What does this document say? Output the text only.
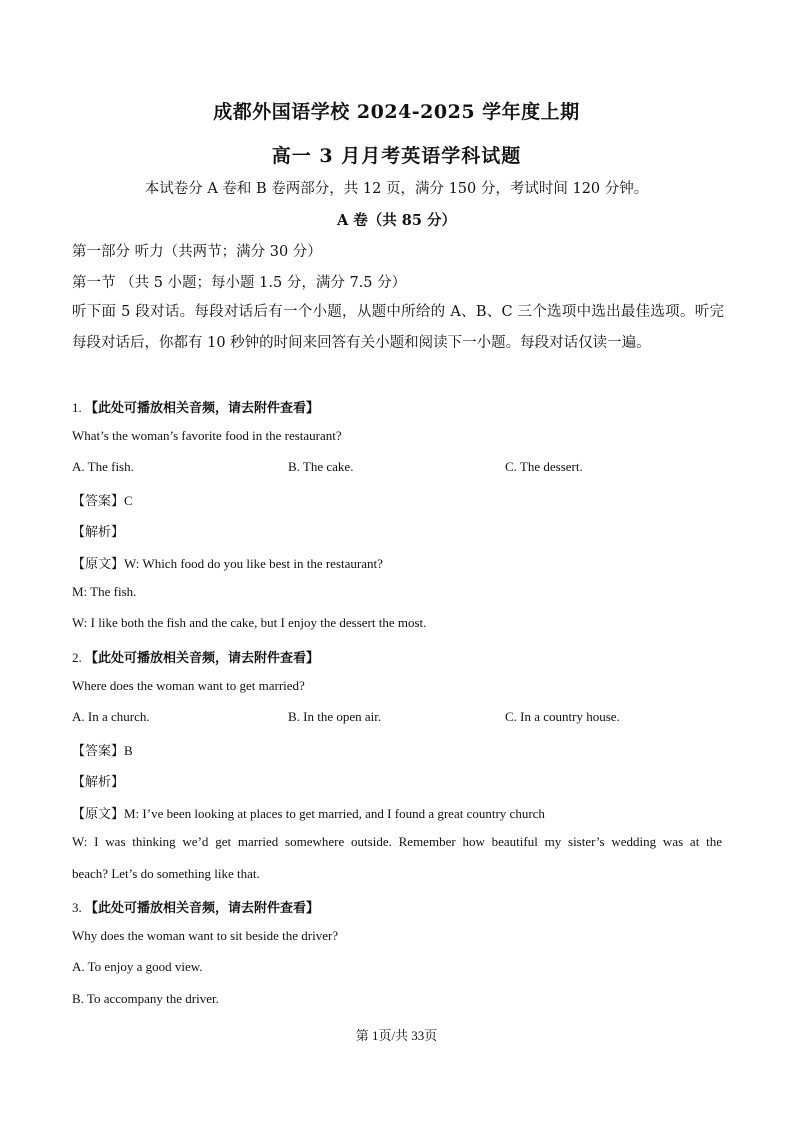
成都外国语学校 2024-2025 学年度上期
高一 3 月月考英语学科试题
本试卷分 A 卷和 B 卷两部分，共 12 页，满分 150 分，考试时间 120 分钟。
A 卷（共 85 分）
第一部分 听力（共两节；满分 30 分）
第一节 （共 5 小题；每小题 1.5 分，满分 7.5 分）
听下面 5 段对话。每段对话后有一个小题，从题中所给的 A、B、C 三个选项中选出最佳选项。听完每段对话后，你都有 10 秒钟的时间来回答有关小题和阅读下一小题。每段对话仅读一遍。
1. 【此处可播放相关音频，请去附件查看】
What’s the woman’s favorite food in the restaurant?
A. The fish.	B. The cake.	C. The dessert.
【答案】C
【解析】
【原文】W: Which food do you like best in the restaurant?
M: The fish.
W: I like both the fish and the cake, but I enjoy the dessert the most.
2. 【此处可播放相关音频，请去附件查看】
Where does the woman want to get married?
A. In a church.	B. In the open air.	C. In a country house.
【答案】B
【解析】
【原文】M: I’ve been looking at places to get married, and I found a great country church
W: I was thinking we’d get married somewhere outside. Remember how beautiful my sister’s wedding was at the
beach? Let’s do something like that.
3. 【此处可播放相关音频，请去附件查看】
Why does the woman want to sit beside the driver?
A. To enjoy a good view.
B. To accompany the driver.
第 1页/共 33页
